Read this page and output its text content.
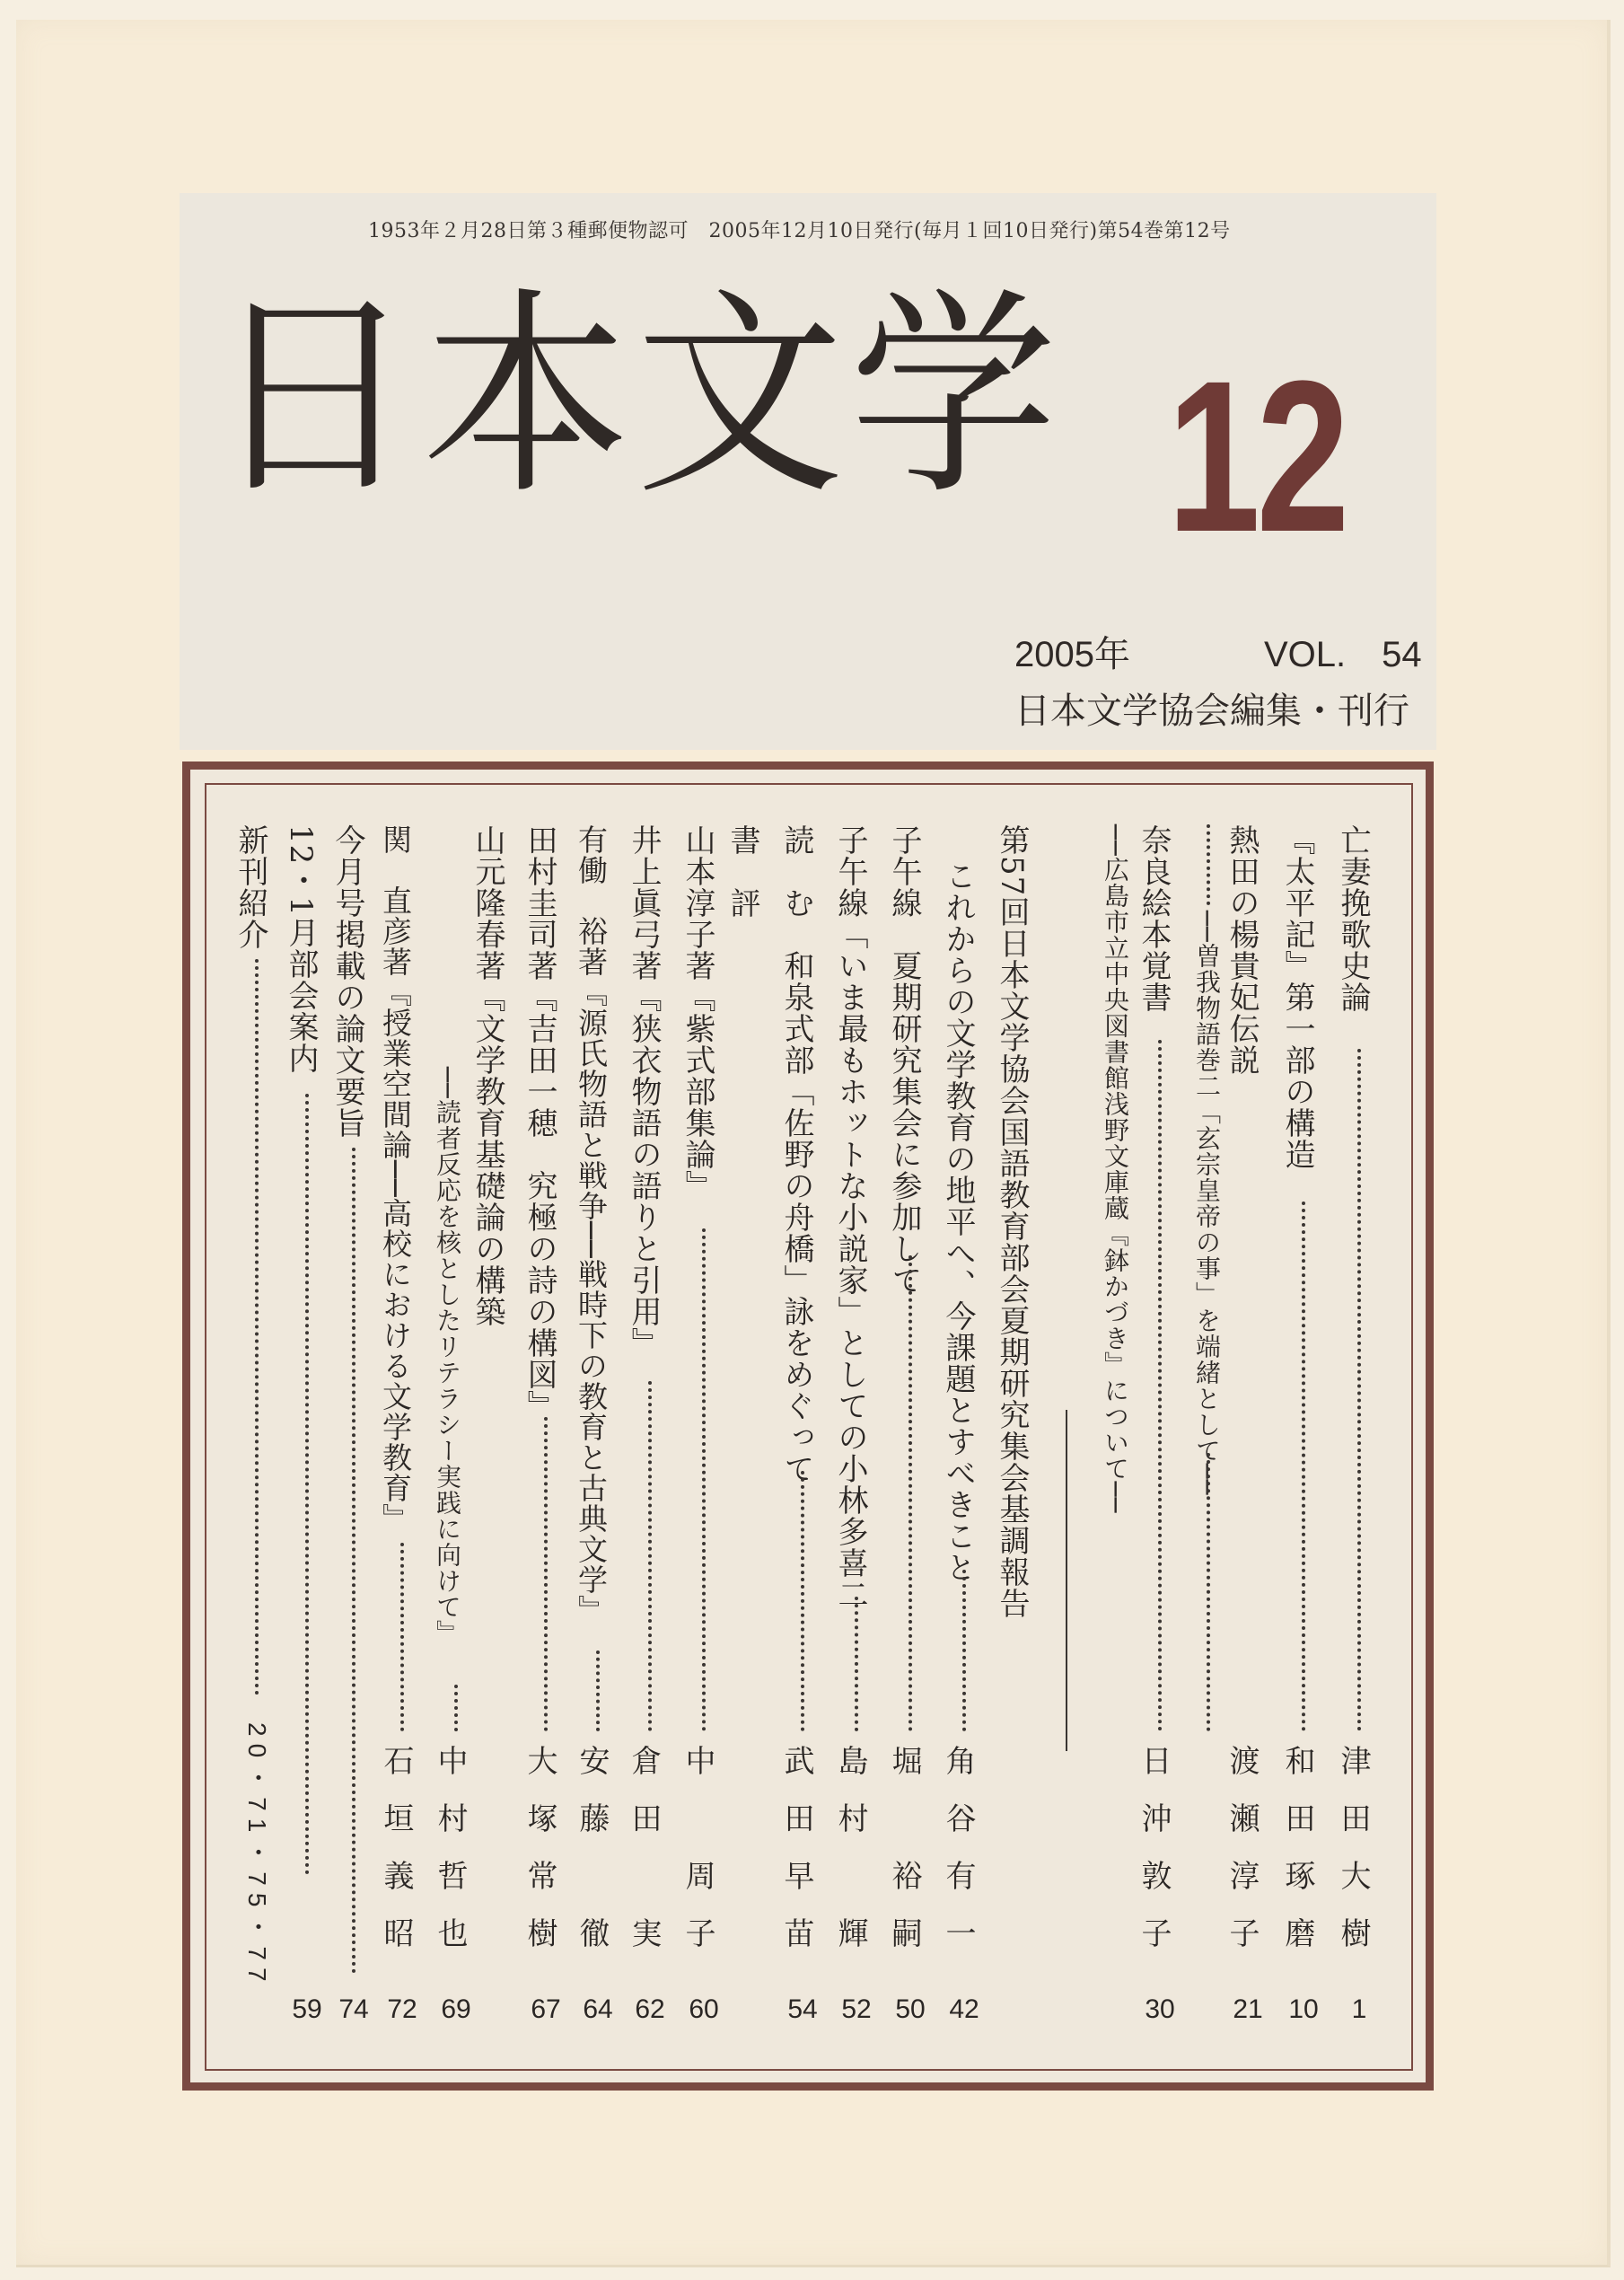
1953年２月28日第３種郵便物認可　2005年12月10日発行(毎月１回10日発行)第54巻第12号
日本文学 12
2005年	VOL.　54
日本文学協会編集・刊行
亡妻挽歌史論
津田大樹
1
『太平記』第一部の構造
和田琢磨
10
熱田の楊貴妃伝説
渡瀬淳子
21
──曽我物語巻二「玄宗皇帝の事」を端緒として──
奈良絵本覚書
日沖敦子
30
──広島市立中央図書館浅野文庫蔵『鉢かづき』について──
第57回日本文学協会国語教育部会夏期研究集会基調報告
これからの文学教育の地平へ、今課題とすべきこと
角谷有一
42
子午線　夏期研究集会に参加して
堀　裕嗣
50
子午線「いま最もホットな小説家」としての小林多喜二
島村　輝
52
読　む　和泉式部「佐野の舟橋」詠をめぐって
武田早苗
54
書　評
山本淳子著『紫式部集論』
中　周子
60
井上眞弓著『狭衣物語の語りと引用』
倉田　実
62
有働　裕著『源氏物語と戦争──戦時下の教育と古典文学』
安藤　徹
64
田村圭司著『吉田一穂　究極の詩の構図』
大塚常樹
67
山元隆春著『文学教育基礎論の構築
──読者反応を核としたリテラシー実践に向けて』
中村哲也
69
関　直彦著『授業空間論──高校における文学教育』
石垣義昭
72
今月号掲載の論文要旨
74
12・1月部会案内
59
新刊紹介
20・71・75・77
